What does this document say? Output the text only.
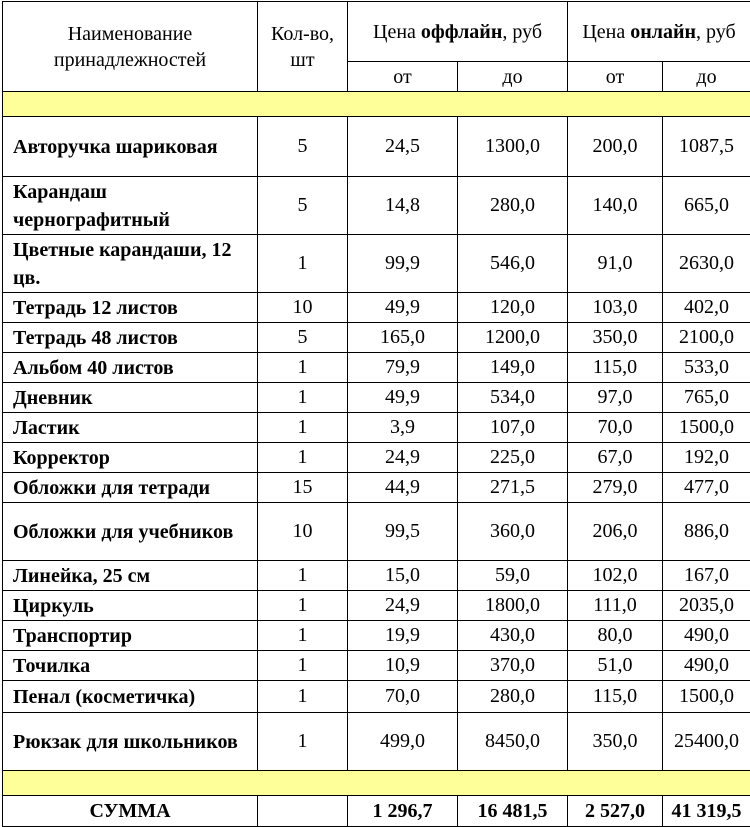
Наименование принадлежностей	Кол-во, шт	Цена оффлайн, руб		Цена онлайн, руб	
		от	до	от	до

Авторучка шариковая	5	24,5	1300,0	200,0	1087,5
Карандаш чернографитный	5	14,8	280,0	140,0	665,0
Цветные карандаши, 12 цв.	1	99,9	546,0	91,0	2630,0
Тетрадь 12 листов	10	49,9	120,0	103,0	402,0
Тетрадь 48 листов	5	165,0	1200,0	350,0	2100,0
Альбом 40 листов	1	79,9	149,0	115,0	533,0
Дневник	1	49,9	534,0	97,0	765,0
Ластик	1	3,9	107,0	70,0	1500,0
Корректор	1	24,9	225,0	67,0	192,0
Обложки для тетради	15	44,9	271,5	279,0	477,0
Обложки для учебников	10	99,5	360,0	206,0	886,0
Линейка, 25 см	1	15,0	59,0	102,0	167,0
Циркуль	1	24,9	1800,0	111,0	2035,0
Транспортир	1	19,9	430,0	80,0	490,0
Точилка	1	10,9	370,0	51,0	490,0
Пенал (косметичка)	1	70,0	280,0	115,0	1500,0
Рюкзак для школьников	1	499,0	8450,0	350,0	25400,0

СУММА		1 296,7	16 481,5	2 527,0	41 319,5
